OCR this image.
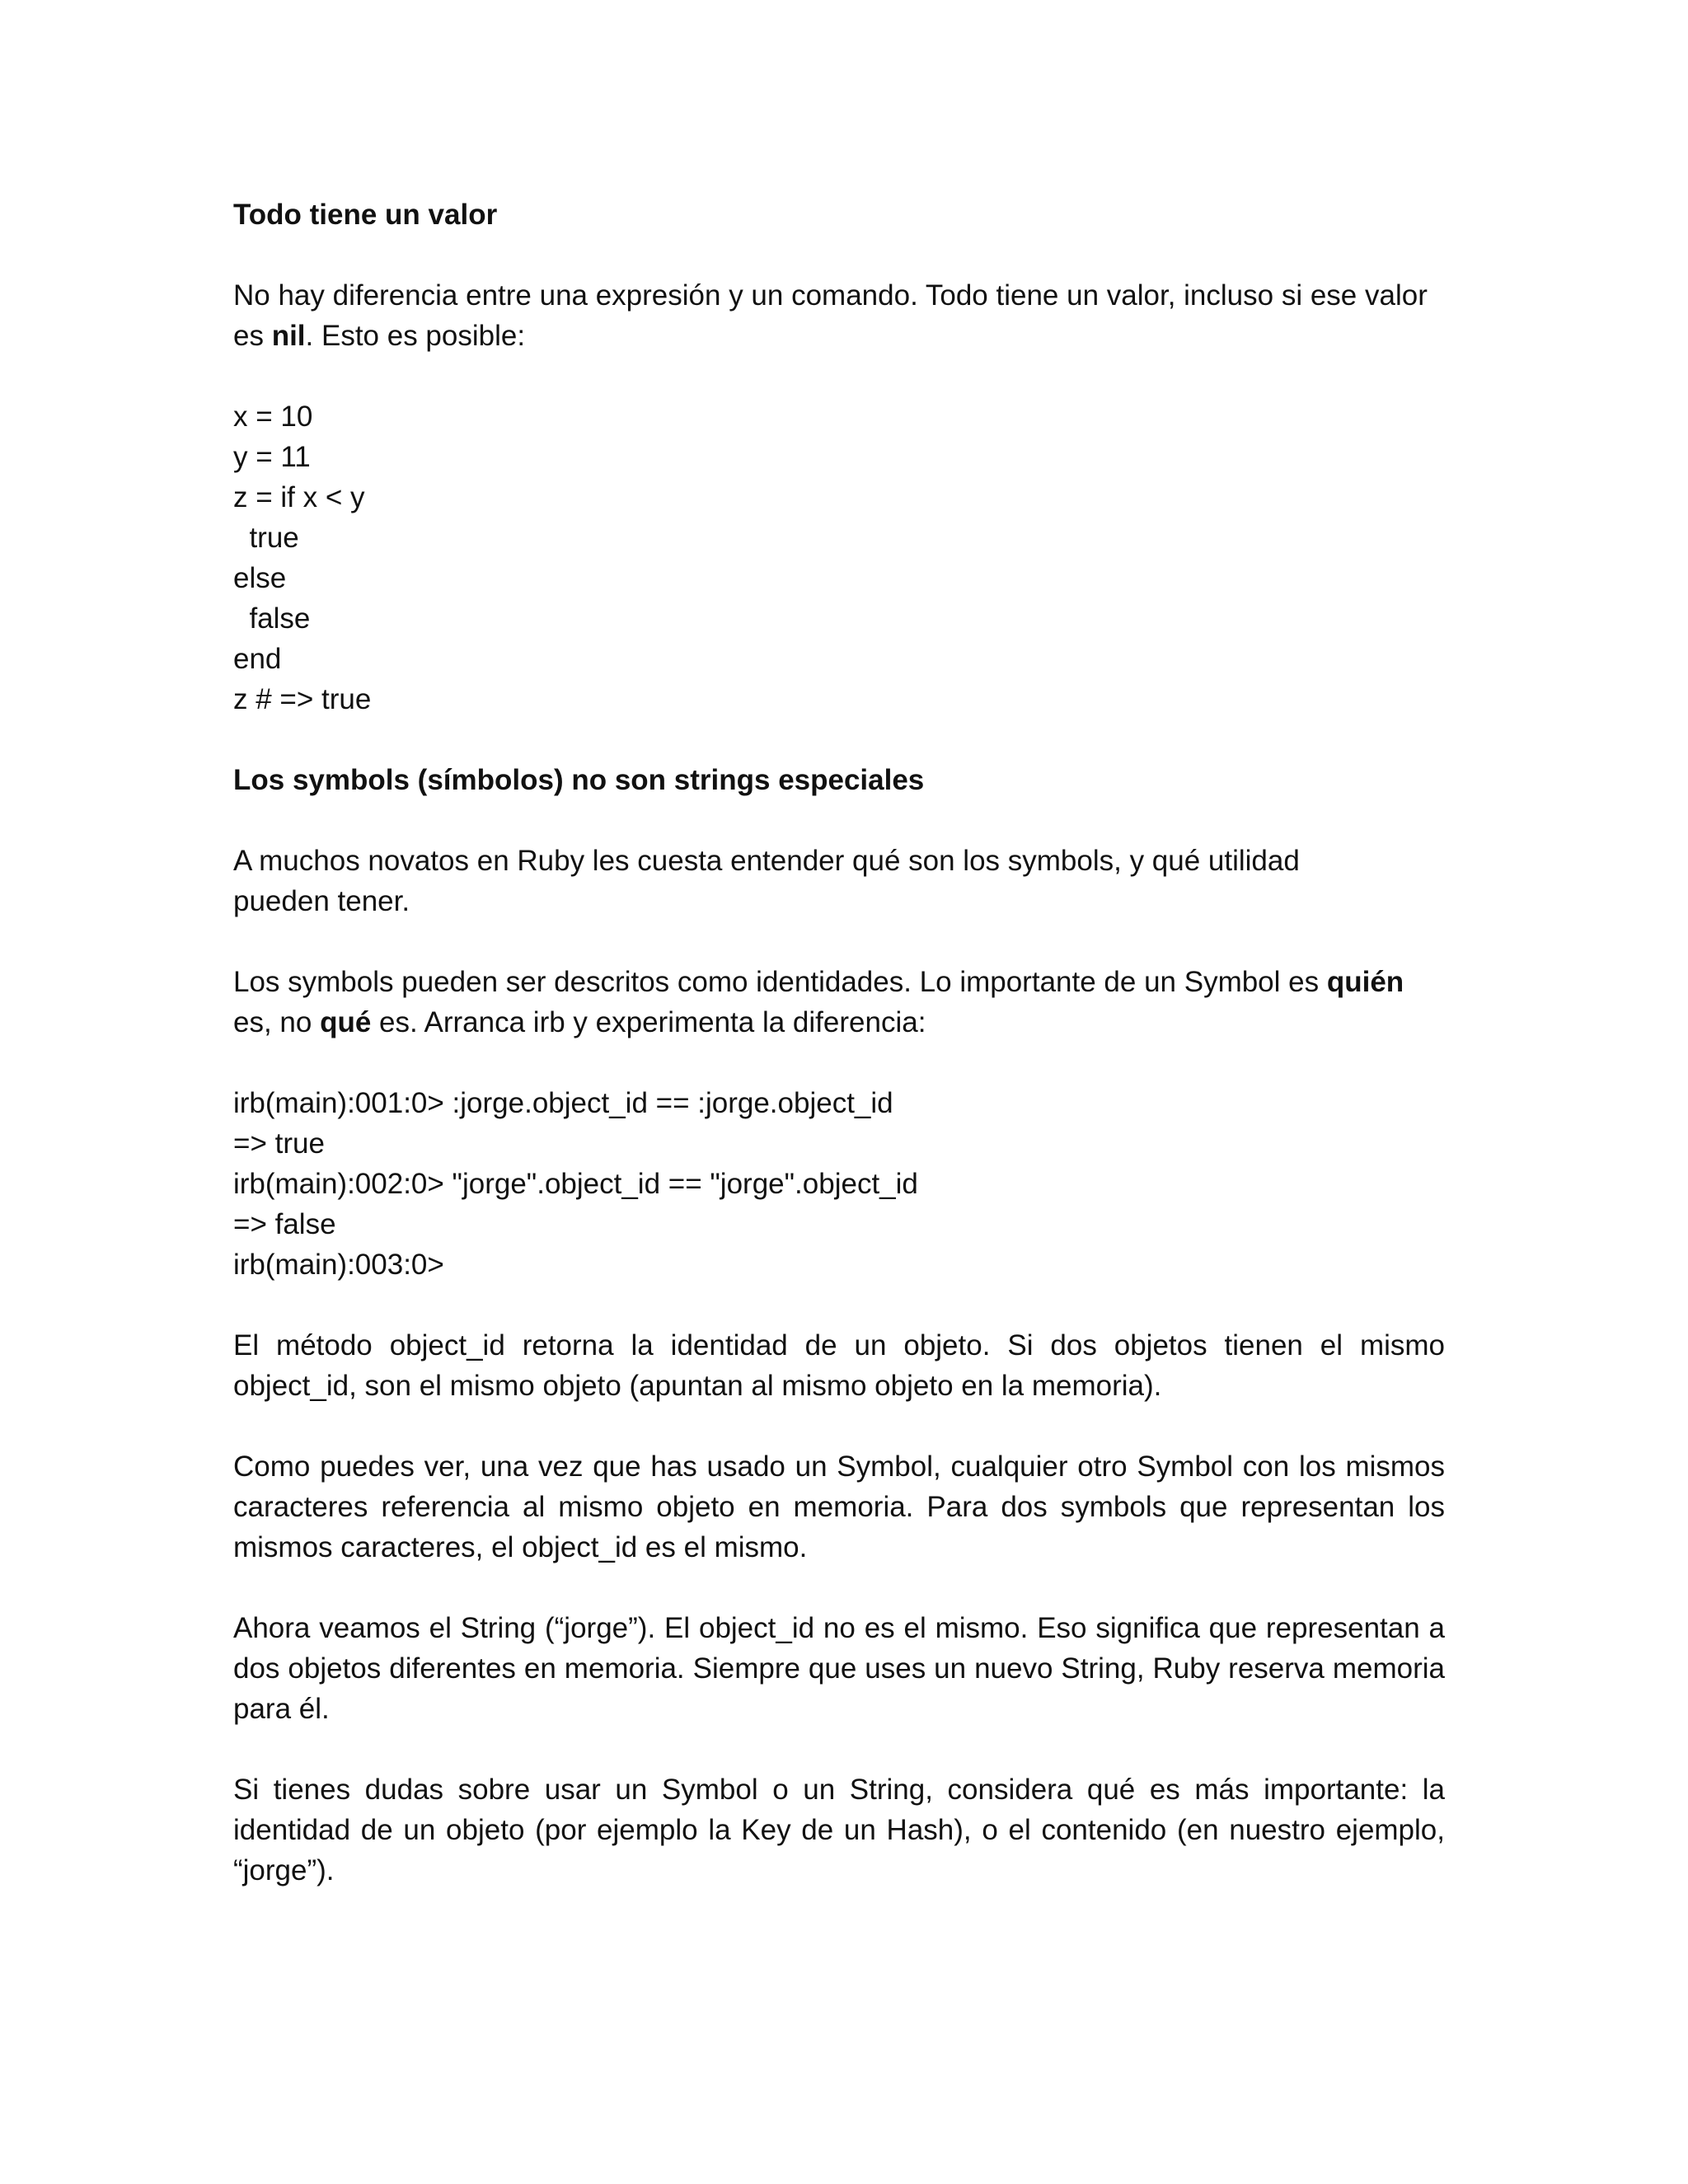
Todo tiene un valor

No hay diferencia entre una expresión y un comando. Todo tiene un valor, incluso si ese valor es nil. Esto es posible:

x = 10

y = 11

z = if x < y

true

else

false

end

z # => true

Los symbols (símbolos) no son strings especiales

A muchos novatos en Ruby les cuesta entender qué son los symbols, y qué utilidad pueden tener.

Los symbols pueden ser descritos como identidades. Lo importante de un Symbol es quién es, no qué es. Arranca irb y experimenta la diferencia:

irb(main):001:0> :jorge.object_id == :jorge.object_id

=> true

irb(main):002:0> "jorge".object_id == "jorge".object_id

=> false

irb(main):003:0>

El método object_id retorna la identidad de un objeto. Si dos objetos tienen el mismo object_id, son el mismo objeto (apuntan al mismo objeto en la memoria).

Como puedes ver, una vez que has usado un Symbol, cualquier otro Symbol con los mismos caracteres referencia al mismo objeto en memoria. Para dos symbols que representan los mismos caracteres, el object_id es el mismo.

Ahora veamos el String (“jorge”). El object_id no es el mismo. Eso significa que representan a dos objetos diferentes en memoria. Siempre que uses un nuevo String, Ruby reserva memoria para él.

Si tienes dudas sobre usar un Symbol o un String, considera qué es más importante: la identidad de un objeto (por ejemplo la Key de un Hash), o el contenido (en nuestro ejemplo, “jorge”).
